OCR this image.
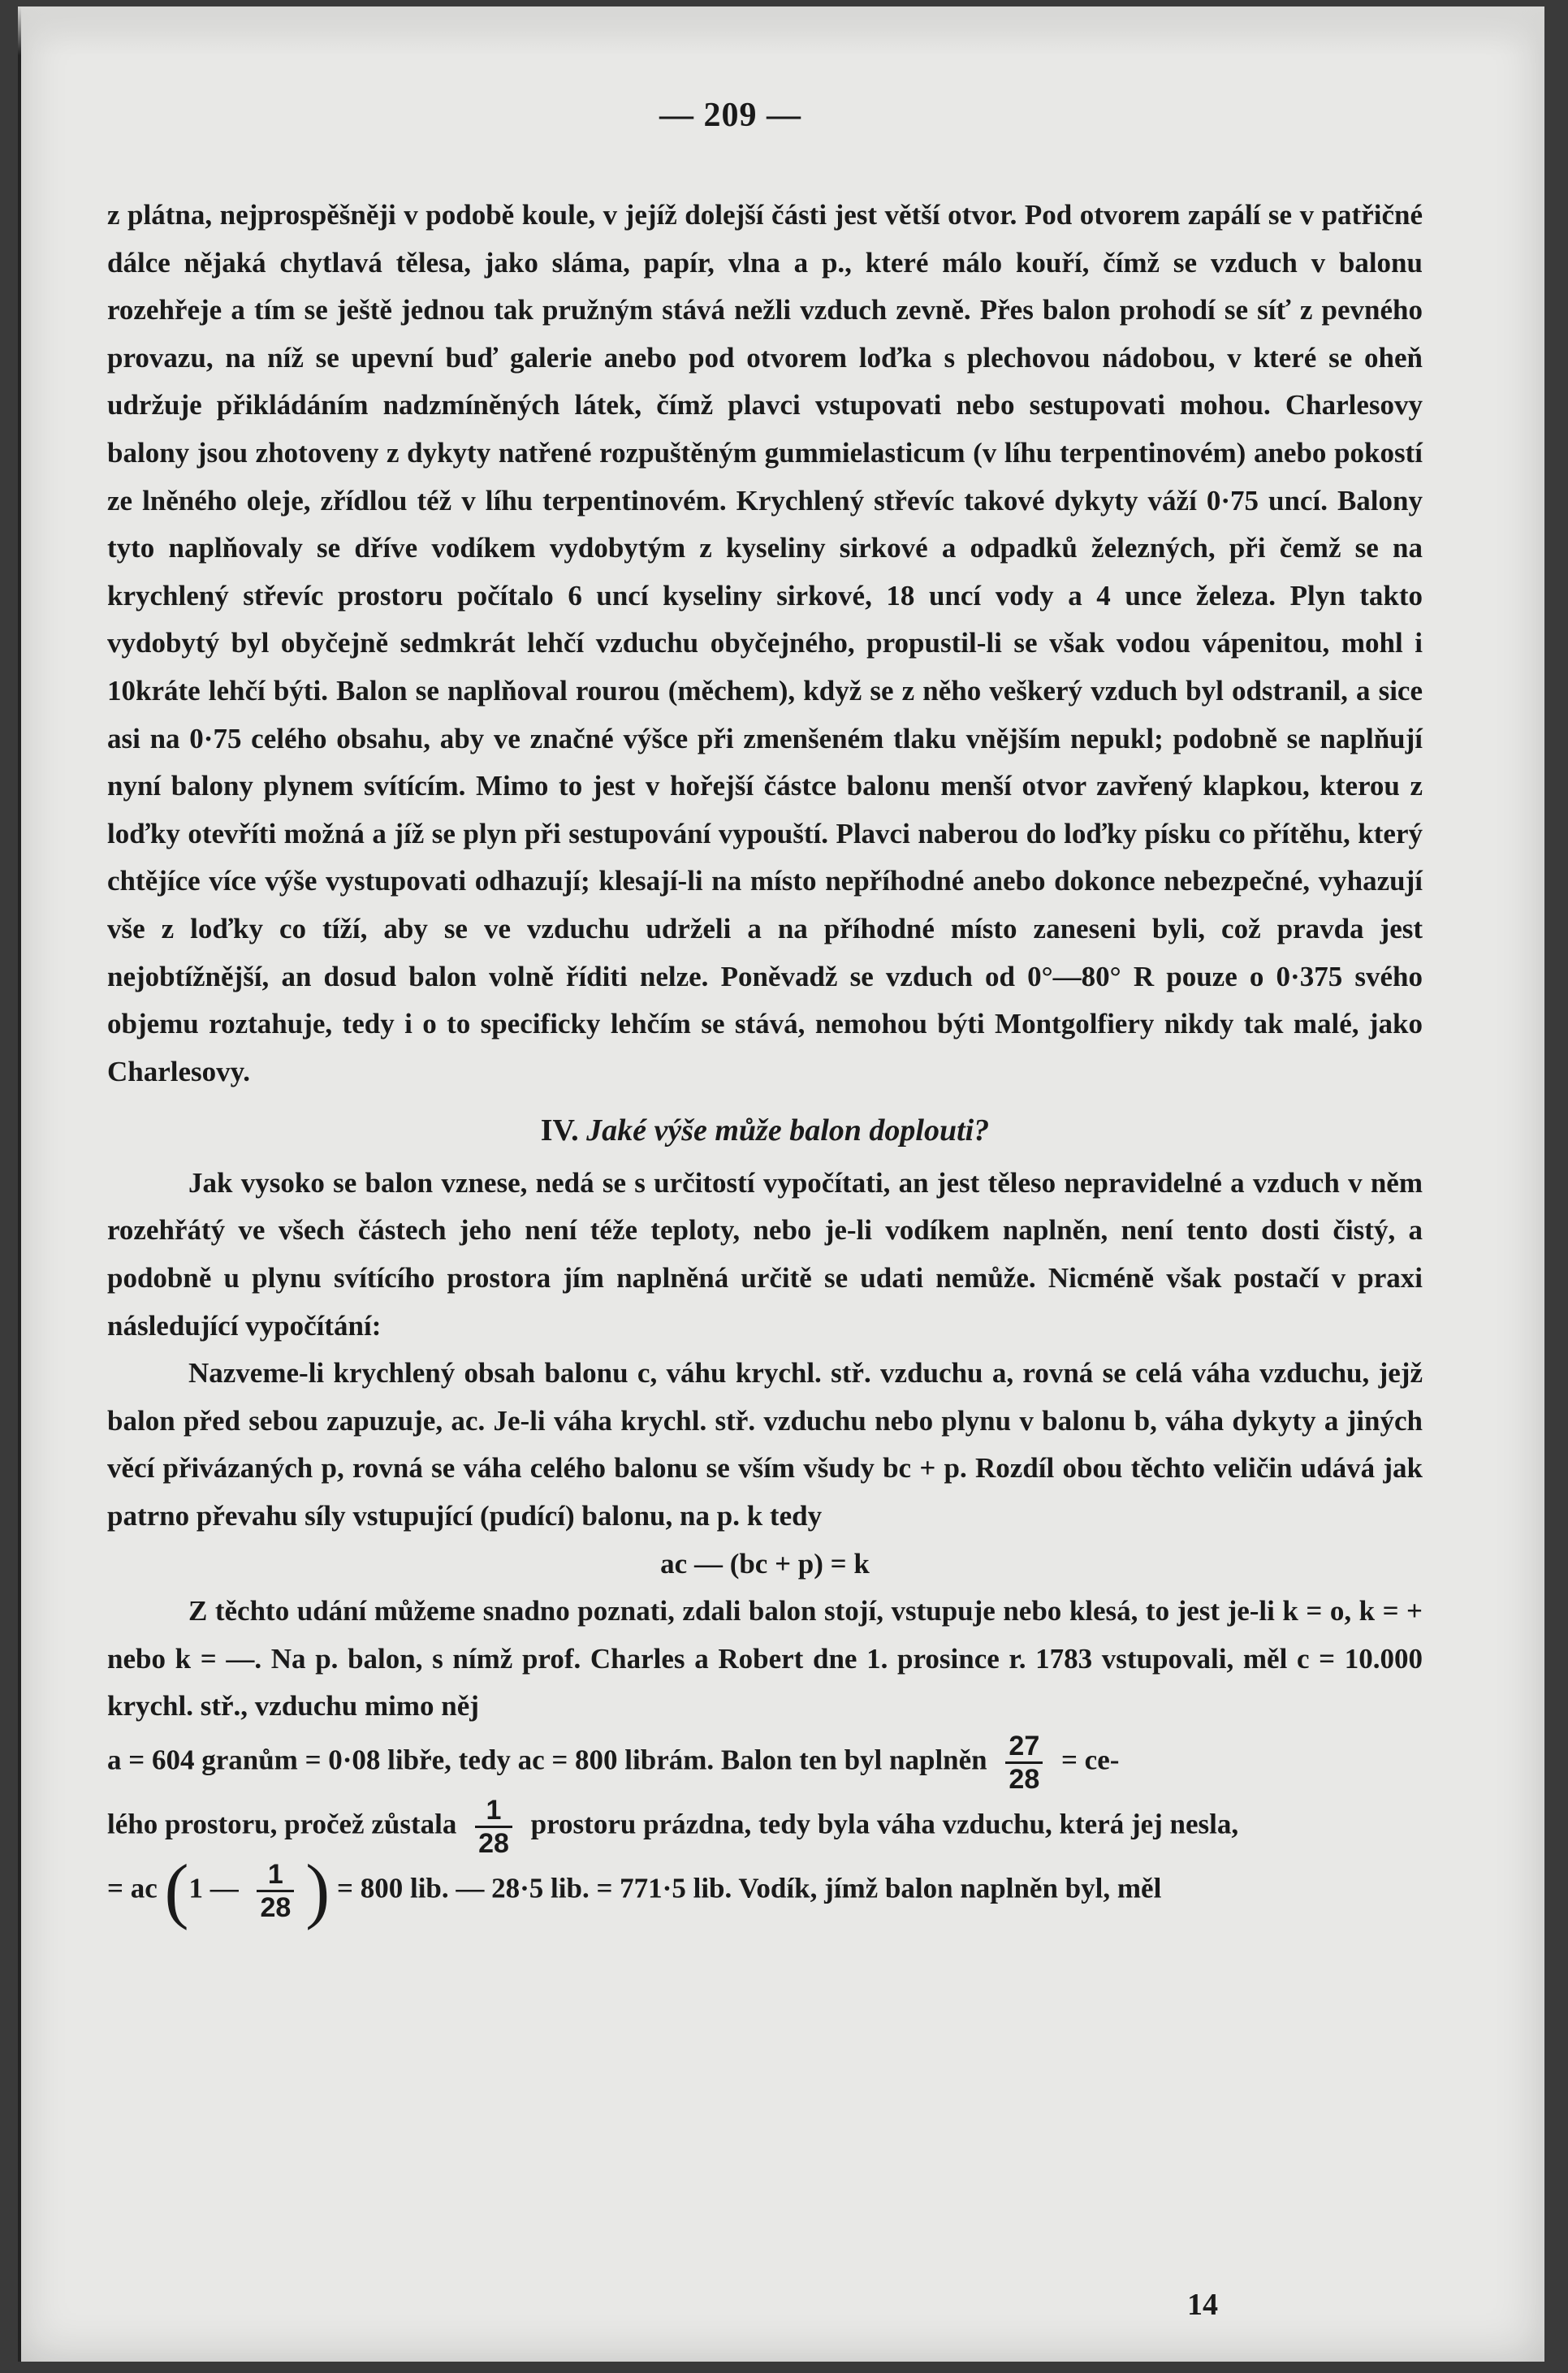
— 209 —

z plátna, nejprospěšněji v podobě koule, v jejíž dolejší části jest větší otvor. Pod otvorem zapálí se v patřičné dálce nějaká chytlavá tělesa, jako sláma, papír, vlna a p., které málo kouří, čímž se vzduch v balonu rozehřeje a tím se ještě jednou tak pružným stává nežli vzduch zevně. Přes balon prohodí se síť z pevného provazu, na níž se upevní buď galerie anebo pod otvorem loďka s plechovou nádobou, v které se oheň udržuje přikládáním nadzmíněných látek, čímž plavci vstupovati nebo sestupovati mohou. Charlesovy balony jsou zhotoveny z dykyty natřené rozpuštěným gummielasticum (v líhu terpentinovém) anebo pokostí ze lněného oleje, zřídlou též v líhu terpentinovém. Krychlený střevíc takové dykyty váží 0·75 uncí. Balony tyto naplňovaly se dříve vodíkem vydobytým z kyseliny sirkové a odpadků železných, při čemž se na krychlený střevíc prostoru počítalo 6 uncí kyseliny sirkové, 18 uncí vody a 4 unce železa. Plyn takto vydobytý byl obyčejně sedmkrát lehčí vzduchu obyčejného, propustil-li se však vodou vápenitou, mohl i 10kráte lehčí býti. Balon se naplňoval rourou (měchem), když se z něho veškerý vzduch byl odstranil, a sice asi na 0·75 celého obsahu, aby ve značné výšce při zmenšeném tlaku vnějším nepukl; podobně se naplňují nyní balony plynem svítícím. Mimo to jest v hořejší částce balonu menší otvor zavřený klapkou, kterou z loďky otevříti možná a jíž se plyn při sestupování vypouští. Plavci naberou do loďky písku co přítěhu, který chtějíce více výše vystupovati odhazují; klesají-li na místo nepříhodné anebo dokonce nebezpečné, vyhazují vše z loďky co tíží, aby se ve vzduchu udrželi a na příhodné místo zaneseni byli, což pravda jest nejobtížnější, an dosud balon volně říditi nelze. Poněvadž se vzduch od 0°—80° R pouze o 0·375 svého objemu roztahuje, tedy i o to specificky lehčím se stává, nemohou býti Montgolfiery nikdy tak malé, jako Charlesovy.

IV. Jaké výše může balon doplouti?

Jak vysoko se balon vznese, nedá se s určitostí vypočítati, an jest těleso nepravidelné a vzduch v něm rozehřátý ve všech částech jeho není téže teploty, nebo je-li vodíkem naplněn, není tento dosti čistý, a podobně u plynu svítícího prostora jím naplněná určitě se udati nemůže. Nicméně však postačí v praxi následující vypočítání:

Nazveme-li krychlený obsah balonu c, váhu krychl. stř. vzduchu a, rovná se celá váha vzduchu, jejž balon před sebou zapuzuje, ac. Je-li váha krychl. stř. vzduchu nebo plynu v balonu b, váha dykyty a jiných věcí přivázaných p, rovná se váha celého balonu se vším všudy bc + p. Rozdíl obou těchto veličin udává jak patrno převahu síly vstupující (pudící) balonu, na p. k tedy

ac — (bc + p) = k

Z těchto udání můžeme snadno poznati, zdali balon stojí, vstupuje nebo klesá, to jest je-li k = o, k = + nebo k = —. Na p. balon, s nímž prof. Charles a Robert dne 1. prosince r. 1783 vstupovali, měl c = 10.000 krychl. stř., vzduchu mimo něj

a = 604 granům = 0·08 libře, tedy ac = 800 librám. Balon ten byl naplněn $\frac{27}{28} = ce-$

lého prostoru, pročež zůstala $\frac{1}{28}$ prostoru prázdna, tedy byla váha vzduchu, která jej nesla,

= ac (1 — $\frac{1}{28}$ ) = 800 lib. — 28·5 lib. = 771·5 lib. Vodík, jímž balon naplněn byl, měl

14
